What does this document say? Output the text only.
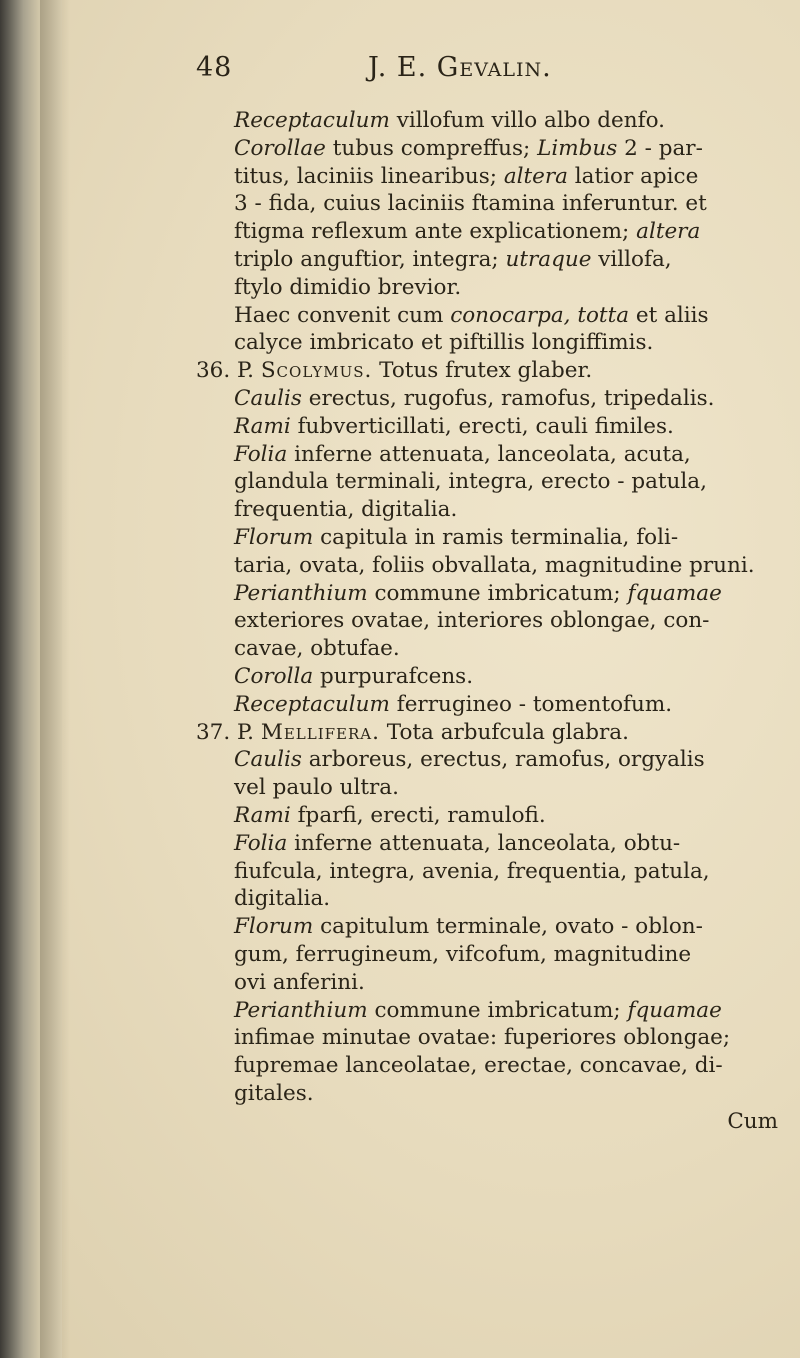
48	J. E. Gevalin.
Receptaculum villofum villo albo denfo.
Corollae tubus compreffus; Limbus 2 - par-
titus, laciniis linearibus; altera latior apice
3 - fida, cuius laciniis ftamina inferuntur. et
ftigma reflexum ante explicationem; altera
triplo anguftior, integra; utraque villofa,
ftylo dimidio brevior.
Haec convenit cum conocarpa, totta et aliis
calyce imbricato et piftillis longiffimis.
36. P. Scolymus. Totus frutex glaber.
Caulis erectus, rugofus, ramofus, tripedalis.
Rami fubverticillati, erecti, cauli fimiles.
Folia inferne attenuata, lanceolata, acuta,
glandula terminali, integra, erecto - patula,
frequentia, digitalia.
Florum capitula in ramis terminalia, foli-
taria, ovata, foliis obvallata, magnitudine pruni.
Perianthium commune imbricatum; fquamae
exteriores ovatae, interiores oblongae, con-
cavae, obtufae.
Corolla purpurafcens.
Receptaculum ferrugineo - tomentofum.
37. P. Mellifera. Tota arbufcula glabra.
Caulis arboreus, erectus, ramofus, orgyalis
vel paulo ultra.
Rami fparfi, erecti, ramulofi.
Folia inferne attenuata, lanceolata, obtu-
fiufcula, integra, avenia, frequentia, patula,
digitalia.
Florum capitulum terminale, ovato - oblon-
gum, ferrugineum, vifcofum, magnitudine
ovi anferini.
Perianthium commune imbricatum; fquamae
infimae minutae ovatae: fuperiores oblongae;
fupremae lanceolatae, erectae, concavae, di-
gitales.
Cum
